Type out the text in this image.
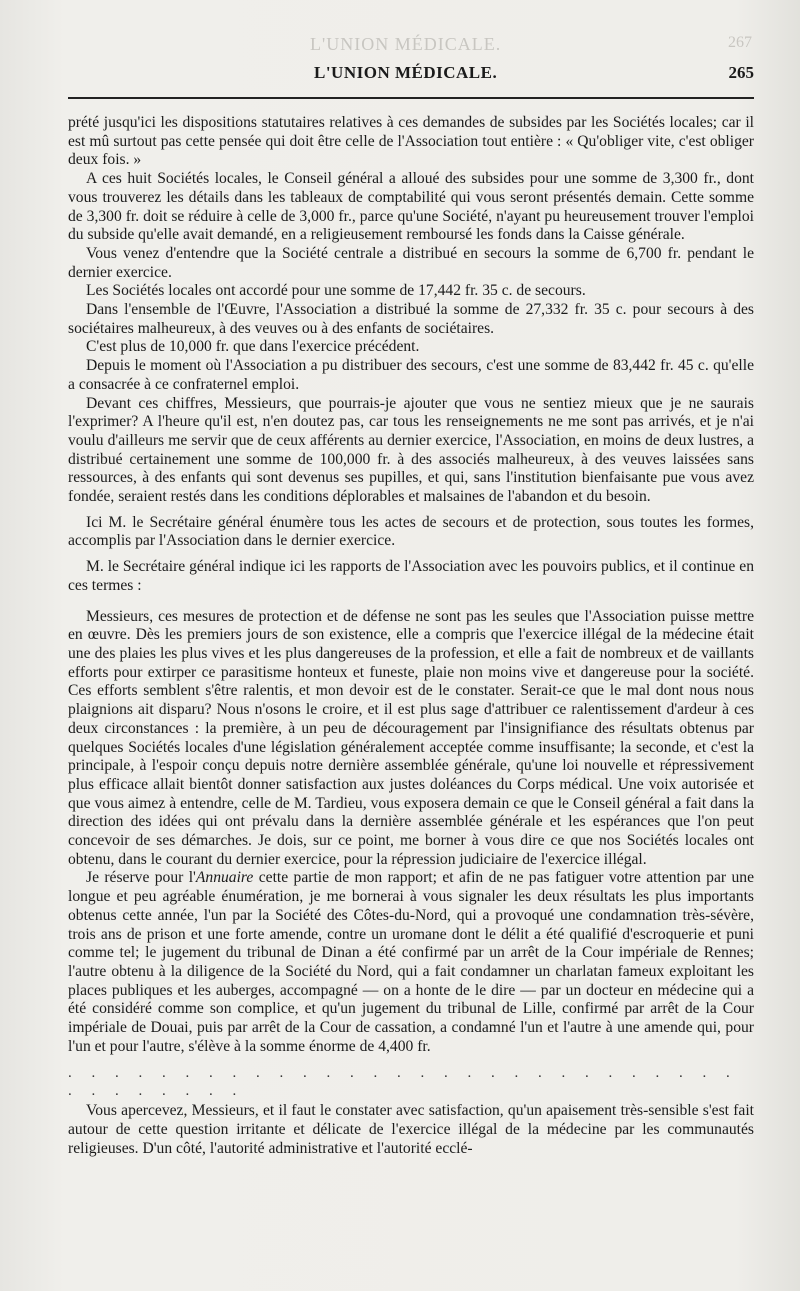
L'UNION MÉDICALE.	267
L'UNION MÉDICALE.	265

prété jusqu'ici les dispositions statutaires relatives à ces demandes de subsides par les Sociétés locales; car il est mû surtout pas cette pensée qui doit être celle de l'Association tout entière : « Qu'obliger vite, c'est obliger deux fois. »

A ces huit Sociétés locales, le Conseil général a alloué des subsides pour une somme de 3,300 fr., dont vous trouverez les détails dans les tableaux de comptabilité qui vous seront présentés demain. Cette somme de 3,300 fr. doit se réduire à celle de 3,000 fr., parce qu'une Société, n'ayant pu heureusement trouver l'emploi du subside qu'elle avait demandé, en a religieusement remboursé les fonds dans la Caisse générale.

Vous venez d'entendre que la Société centrale a distribué en secours la somme de 6,700 fr. pendant le dernier exercice.

Les Sociétés locales ont accordé pour une somme de 17,442 fr. 35 c. de secours.

Dans l'ensemble de l'Œuvre, l'Association a distribué la somme de 27,332 fr. 35 c. pour secours à des sociétaires malheureux, à des veuves ou à des enfants de sociétaires.

C'est plus de 10,000 fr. que dans l'exercice précédent.

Depuis le moment où l'Association a pu distribuer des secours, c'est une somme de 83,442 fr. 45 c. qu'elle a consacrée à ce confraternel emploi.

Devant ces chiffres, Messieurs, que pourrais-je ajouter que vous ne sentiez mieux que je ne saurais l'exprimer? A l'heure qu'il est, n'en doutez pas, car tous les renseignements ne me sont pas arrivés, et je n'ai voulu d'ailleurs me servir que de ceux afférents au dernier exercice, l'Association, en moins de deux lustres, a distribué certainement une somme de 100,000 fr. à des associés malheureux, à des veuves laissées sans ressources, à des enfants qui sont devenus ses pupilles, et qui, sans l'institution bienfaisante pue vous avez fondée, seraient restés dans les conditions déplorables et malsaines de l'abandon et du besoin.

Ici M. le Secrétaire général énumère tous les actes de secours et de protection, sous toutes les formes, accomplis par l'Association dans le dernier exercice.

M. le Secrétaire général indique ici les rapports de l'Association avec les pouvoirs publics, et il continue en ces termes :

Messieurs, ces mesures de protection et de défense ne sont pas les seules que l'Association puisse mettre en œuvre. Dès les premiers jours de son existence, elle a compris que l'exercice illégal de la médecine était une des plaies les plus vives et les plus dangereuses de la profession, et elle a fait de nombreux et de vaillants efforts pour extirper ce parasitisme honteux et funeste, plaie non moins vive et dangereuse pour la société. Ces efforts semblent s'être ralentis, et mon devoir est de le constater. Serait-ce que le mal dont nous nous plaignions ait disparu? Nous n'osons le croire, et il est plus sage d'attribuer ce ralentissement d'ardeur à ces deux circonstances : la première, à un peu de découragement par l'insignifiance des résultats obtenus par quelques Sociétés locales d'une législation généralement acceptée comme insuffisante; la seconde, et c'est la principale, à l'espoir conçu depuis notre dernière assemblée générale, qu'une loi nouvelle et répressivement plus efficace allait bientôt donner satisfaction aux justes doléances du Corps médical. Une voix autorisée et que vous aimez à entendre, celle de M. Tardieu, vous exposera demain ce que le Conseil général a fait dans la direction des idées qui ont prévalu dans la dernière assemblée générale et les espérances que l'on peut concevoir de ses démarches. Je dois, sur ce point, me borner à vous dire ce que nos Sociétés locales ont obtenu, dans le courant du dernier exercice, pour la répression judiciaire de l'exercice illégal.

Je réserve pour l'Annuaire cette partie de mon rapport; et afin de ne pas fatiguer votre attention par une longue et peu agréable énumération, je me bornerai à vous signaler les deux résultats les plus importants obtenus cette année, l'un par la Société des Côtes-du-Nord, qui a provoqué une condamnation très-sévère, trois ans de prison et une forte amende, contre un uromane dont le délit a été qualifié d'escroquerie et puni comme tel; le jugement du tribunal de Dinan a été confirmé par un arrêt de la Cour impériale de Rennes; l'autre obtenu à la diligence de la Société du Nord, qui a fait condamner un charlatan fameux exploitant les places publiques et les auberges, accompagné — on a honte de le dire — par un docteur en médecine qui a été considéré comme son complice, et qu'un jugement du tribunal de Lille, confirmé par arrêt de la Cour impériale de Douai, puis par arrêt de la Cour de cassation, a condamné l'un et l'autre à une amende qui, pour l'un et pour l'autre, s'élève à la somme énorme de 4,400 fr.

. . . . . . . . . . . . . . . . . . . . . . . . . . . . . . . . . . . . .

Vous apercevez, Messieurs, et il faut le constater avec satisfaction, qu'un apaisement très-sensible s'est fait autour de cette question irritante et délicate de l'exercice illégal de la médecine par les communautés religieuses. D'un côté, l'autorité administrative et l'autorité ecclé-
